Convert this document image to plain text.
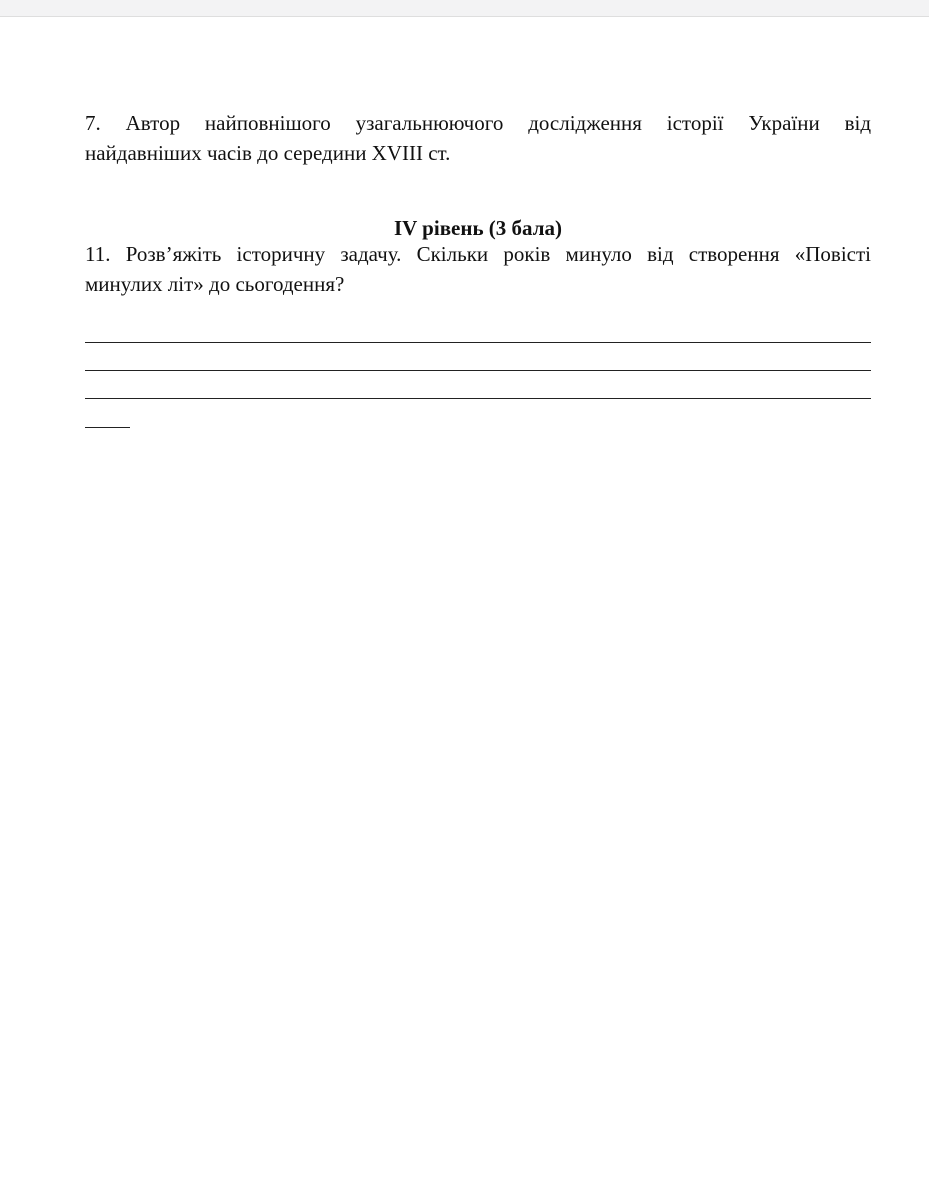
7. Автор найповнішого узагальнюючого дослідження історії України від
найдавніших часів до середини XVIII ст.
IV рівень (3 бала)
11. Розв’яжіть історичну задачу. Скільки років минуло від створення «Повісті
минулих літ» до сьогодення?
